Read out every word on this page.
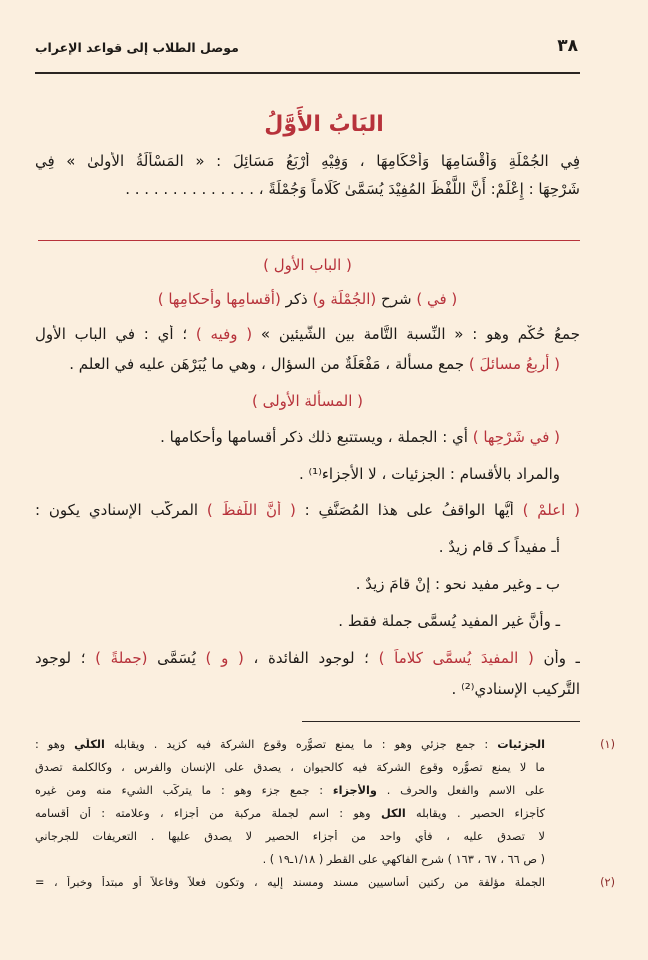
موصل الطلاب إلى قواعد الإعراب	٣٨
البَابُ الأَوَّلُ
فِي الجُمْلَةِ وَأَقْسَامِهَا وَأَحْكَامِهَا ، وَفِيْهِ أَرْبَعُ مَسَائِلَ : « المَسْأَلَةُ الأُولىٰ » فِي
شَرْحِهَا : إِعْلَمْ: أَنَّ اللَّفْظَ المُفِيْدَ يُسَمَّىٰ كَلَاماً وَجُمْلَةً ، . . . . . . . . . . . . . .
( الباب الأول )
( في ) شرح (الجُمْلَة و) ذكر (أقسامِها وأحكامِها )
جمعُ حُكْم وهو : « النِّسبة التَّامة بين الشَّيئين » ( وفيه ) ؛ أي : في الباب الأول
( أربعُ مسائلَ ) جمع مسألة ، مَفْعَلَةٌ من السؤال ، وهي ما يُبَرْهَن عليه في العلم .
( المسألة الأولى )
( في شَرْحِها ) أي : الجملة ، ويستتبع ذلك ذكر أقسامها وأحكامها .
والمراد بالأقسام : الجزئيات ، لا الأجزاء⁽¹⁾ .
( اعلمْ ) أيُّها الواقفُ على هذا المُصَنَّفِ : ( أنَّ اللَّفظَ ) المركَّب الإسنادي يكون :
أـ مفيداً كـ قام زيدٌ .
ب ـ وغير مفيد نحو : إنْ قامَ زيدٌ .
ـ وأنَّ غير المفيد يُسمَّى جملة فقط .
ـ وأن ( المفيدَ يُسمَّى كلاماً ) ؛ لوجود الفائدة ، ( و ) يُسَمَّى (جملةً ) ؛ لوجود
التَّركيب الإسنادي⁽²⁾ .
(١)
الجزئيات : جمع جزئي وهو : ما يمنع تصوُّره وقوع الشركة فيه كزيد . ويقابله الكلِّي وهو :
ما لا يمنع تصوُّره وقوع الشركة فيه كالحيوان ، يصدق على الإنسان والفرس ، وكالكلمة تصدق
على الاسم والفعل والحرف . والأجزاء : جمع جزء وهو : ما يتركَّب الشيء منه ومن غيره
كأجزاء الحصير . ويقابله الكل وهو : اسم لجملة مركبة من أجزاء ، وعلامته : أن أقسامه
لا تصدق عليه ، فأي واحد من أجزاء الحصير لا يصدق عليها . التعريفات للجرجاني
( ص ٦٦ ، ٦٧ ، ١٦٣ ) شرح الفاكهي على القطر ( ١/١٨ـ١٩ ) .
(٢)
الجملة مؤلفة من ركنين أساسيين مسند ومسند إليه ، وتكون فعلاً وفاعلاً أو مبتدأ وخبراً ، =
